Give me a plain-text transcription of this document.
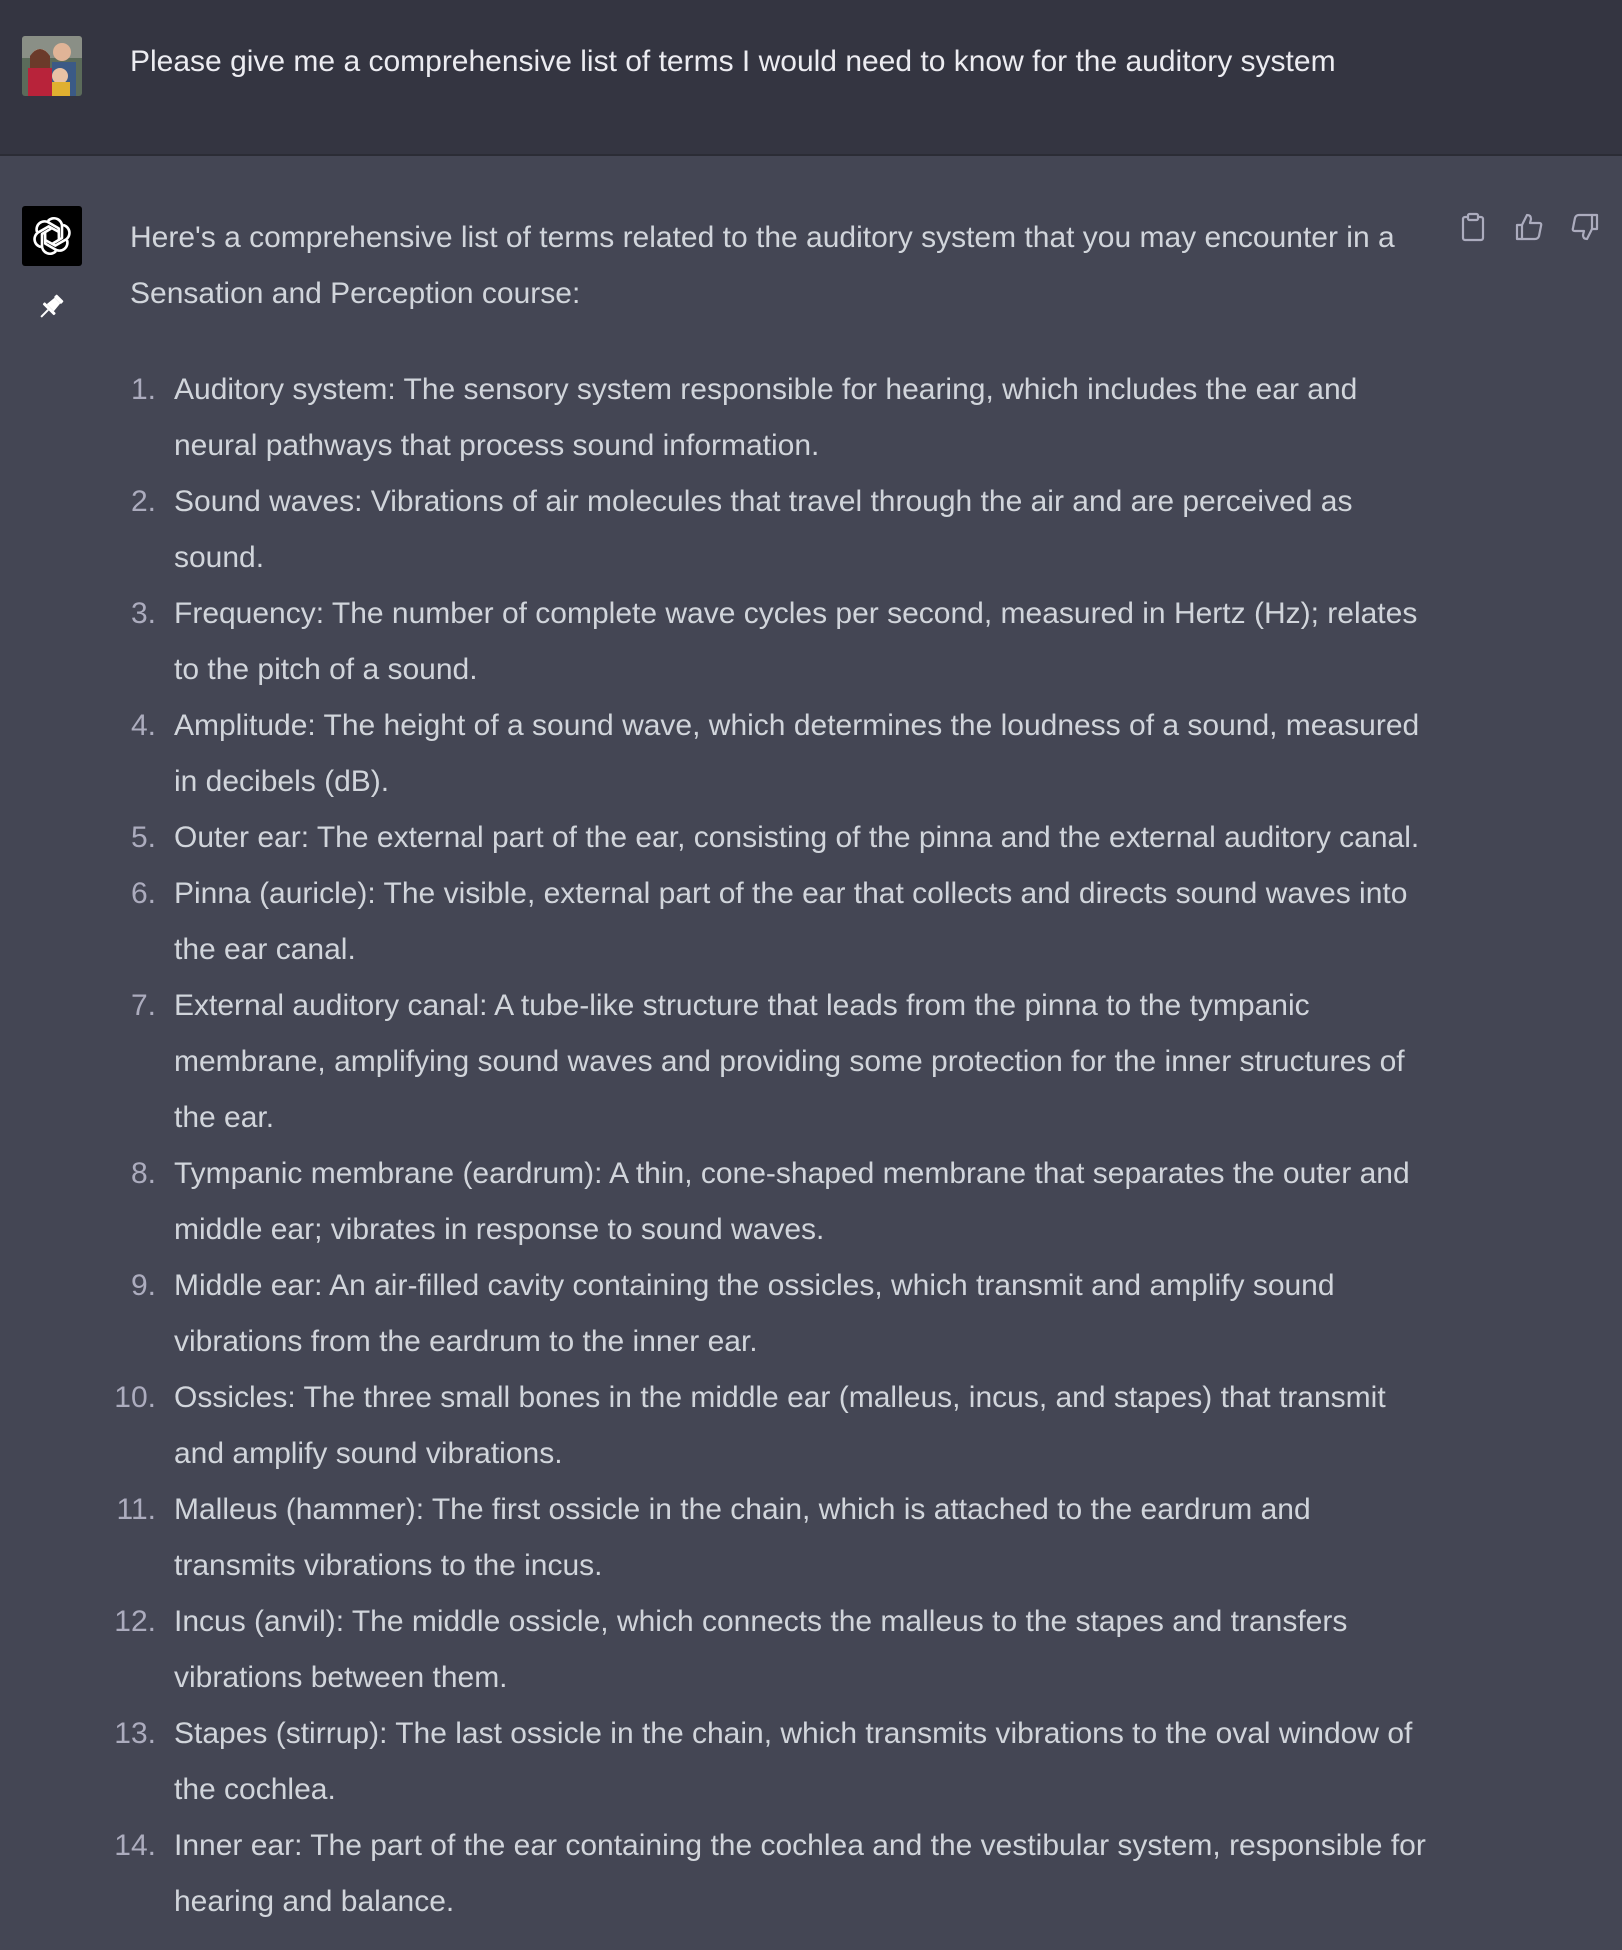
Please give me a comprehensive list of terms I would need to know for the auditory system

Here's a comprehensive list of terms related to the auditory system that you may encounter in a Sensation and Perception course:

1. Auditory system: The sensory system responsible for hearing, which includes the ear and neural pathways that process sound information.
2. Sound waves: Vibrations of air molecules that travel through the air and are perceived as sound.
3. Frequency: The number of complete wave cycles per second, measured in Hertz (Hz); relates to the pitch of a sound.
4. Amplitude: The height of a sound wave, which determines the loudness of a sound, measured in decibels (dB).
5. Outer ear: The external part of the ear, consisting of the pinna and the external auditory canal.
6. Pinna (auricle): The visible, external part of the ear that collects and directs sound waves into the ear canal.
7. External auditory canal: A tube-like structure that leads from the pinna to the tympanic membrane, amplifying sound waves and providing some protection for the inner structures of the ear.
8. Tympanic membrane (eardrum): A thin, cone-shaped membrane that separates the outer and middle ear; vibrates in response to sound waves.
9. Middle ear: An air-filled cavity containing the ossicles, which transmit and amplify sound vibrations from the eardrum to the inner ear.
10. Ossicles: The three small bones in the middle ear (malleus, incus, and stapes) that transmit and amplify sound vibrations.
11. Malleus (hammer): The first ossicle in the chain, which is attached to the eardrum and transmits vibrations to the incus.
12. Incus (anvil): The middle ossicle, which connects the malleus to the stapes and transfers vibrations between them.
13. Stapes (stirrup): The last ossicle in the chain, which transmits vibrations to the oval window of the cochlea.
14. Inner ear: The part of the ear containing the cochlea and the vestibular system, responsible for hearing and balance.
